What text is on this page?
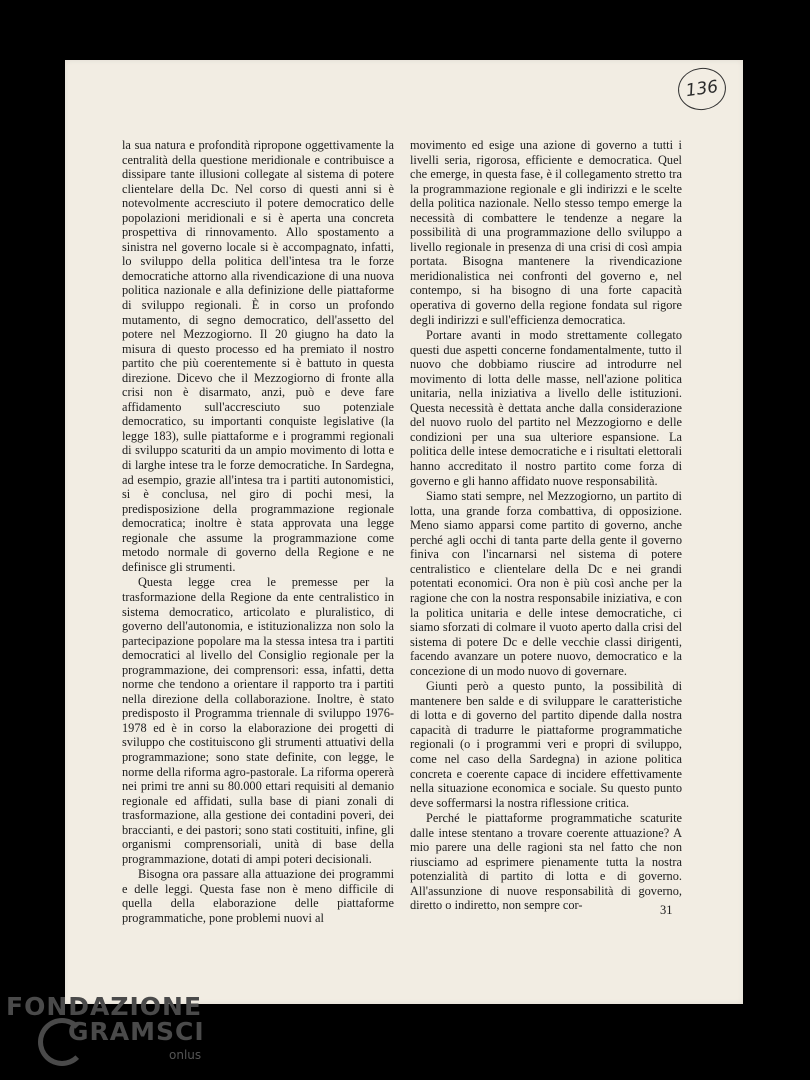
136

la sua natura e profondità ripropone oggettivamente la centralità della questione meridionale e contribuisce a dissipare tante illusioni collegate al sistema di potere clientelare della Dc. Nel corso di questi anni si è notevolmente accresciuto il potere democratico delle popolazioni meridionali e si è aperta una concreta prospettiva di rinnovamento. Allo spostamento a sinistra nel governo locale si è accompagnato, infatti, lo sviluppo della politica dell'intesa tra le forze democratiche attorno alla rivendicazione di una nuova politica nazionale e alla definizione delle piattaforme di sviluppo regionali. È in corso un profondo mutamento, di segno democratico, dell'assetto del potere nel Mezzogiorno. Il 20 giugno ha dato la misura di questo processo ed ha premiato il nostro partito che più coerentemente si è battuto in questa direzione. Dicevo che il Mezzogiorno di fronte alla crisi non è disarmato, anzi, può e deve fare affidamento sull'accresciuto suo potenziale democratico, su importanti conquiste legislative (la legge 183), sulle piattaforme e i programmi regionali di sviluppo scaturiti da un ampio movimento di lotta e di larghe intese tra le forze democratiche. In Sardegna, ad esempio, grazie all'intesa tra i partiti autonomistici, si è conclusa, nel giro di pochi mesi, la predisposizione della programmazione regionale democratica; inoltre è stata approvata una legge regionale che assume la programmazione come metodo normale di governo della Regione e ne definisce gli strumenti.

Questa legge crea le premesse per la trasformazione della Regione da ente centralistico in sistema democratico, articolato e pluralistico, di governo dell'autonomia, e istituzionalizza non solo la partecipazione popolare ma la stessa intesa tra i partiti democratici al livello del Consiglio regionale per la programmazione, dei comprensori: essa, infatti, detta norme che tendono a orientare il rapporto tra i partiti nella direzione della collaborazione. Inoltre, è stato predisposto il Programma triennale di sviluppo 1976-1978 ed è in corso la elaborazione dei progetti di sviluppo che costituiscono gli strumenti attuativi della programmazione; sono state definite, con legge, le norme della riforma agro-pastorale. La riforma opererà nei primi tre anni su 80.000 ettari requisiti al demanio regionale ed affidati, sulla base di piani zonali di trasformazione, alla gestione dei contadini poveri, dei braccianti, e dei pastori; sono stati costituiti, infine, gli organismi comprensoriali, unità di base della programmazione, dotati di ampi poteri decisionali.

Bisogna ora passare alla attuazione dei programmi e delle leggi. Questa fase non è meno difficile di quella della elaborazione delle piattaforme programmatiche, pone problemi nuovi al

movimento ed esige una azione di governo a tutti i livelli seria, rigorosa, efficiente e democratica. Quel che emerge, in questa fase, è il collegamento stretto tra la programmazione regionale e gli indirizzi e le scelte della politica nazionale. Nello stesso tempo emerge la necessità di combattere le tendenze a negare la possibilità di una programmazione dello sviluppo a livello regionale in presenza di una crisi di così ampia portata. Bisogna mantenere la rivendicazione meridionalistica nei confronti del governo e, nel contempo, si ha bisogno di una forte capacità operativa di governo della regione fondata sul rigore degli indirizzi e sull'efficienza democratica.

Portare avanti in modo strettamente collegato questi due aspetti concerne fondamentalmente, tutto il nuovo che dobbiamo riuscire ad introdurre nel movimento di lotta delle masse, nell'azione politica unitaria, nella iniziativa a livello delle istituzioni. Questa necessità è dettata anche dalla considerazione del nuovo ruolo del partito nel Mezzogiorno e delle condizioni per una sua ulteriore espansione. La politica delle intese democratiche e i risultati elettorali hanno accreditato il nostro partito come forza di governo e gli hanno affidato nuove responsabilità.

Siamo stati sempre, nel Mezzogiorno, un partito di lotta, una grande forza combattiva, di opposizione. Meno siamo apparsi come partito di governo, anche perché agli occhi di tanta parte della gente il governo finiva con l'incarnarsi nel sistema di potere centralistico e clientelare della Dc e nei grandi potentati economici. Ora non è più così anche per la ragione che con la nostra responsabile iniziativa, e con la politica unitaria e delle intese democratiche, ci siamo sforzati di colmare il vuoto aperto dalla crisi del sistema di potere Dc e delle vecchie classi dirigenti, facendo avanzare un potere nuovo, democratico e la concezione di un modo nuovo di governare.

Giunti però a questo punto, la possibilità di mantenere ben salde e di sviluppare le caratteristiche di lotta e di governo del partito dipende dalla nostra capacità di tradurre le piattaforme programmatiche regionali (o i programmi veri e propri di sviluppo, come nel caso della Sardegna) in azione politica concreta e coerente capace di incidere effettivamente nella situazione economica e sociale. Su questo punto deve soffermarsi la nostra riflessione critica.

Perché le piattaforme programmatiche scaturite dalle intese stentano a trovare coerente attuazione? A mio parere una delle ragioni sta nel fatto che non riusciamo ad esprimere pienamente tutta la nostra potenzialità di partito di lotta e di governo. All'assunzione di nuove responsabilità di governo, diretto o indiretto, non sempre cor-	31
FONDAZIONE
GRAMSCI
onlus
